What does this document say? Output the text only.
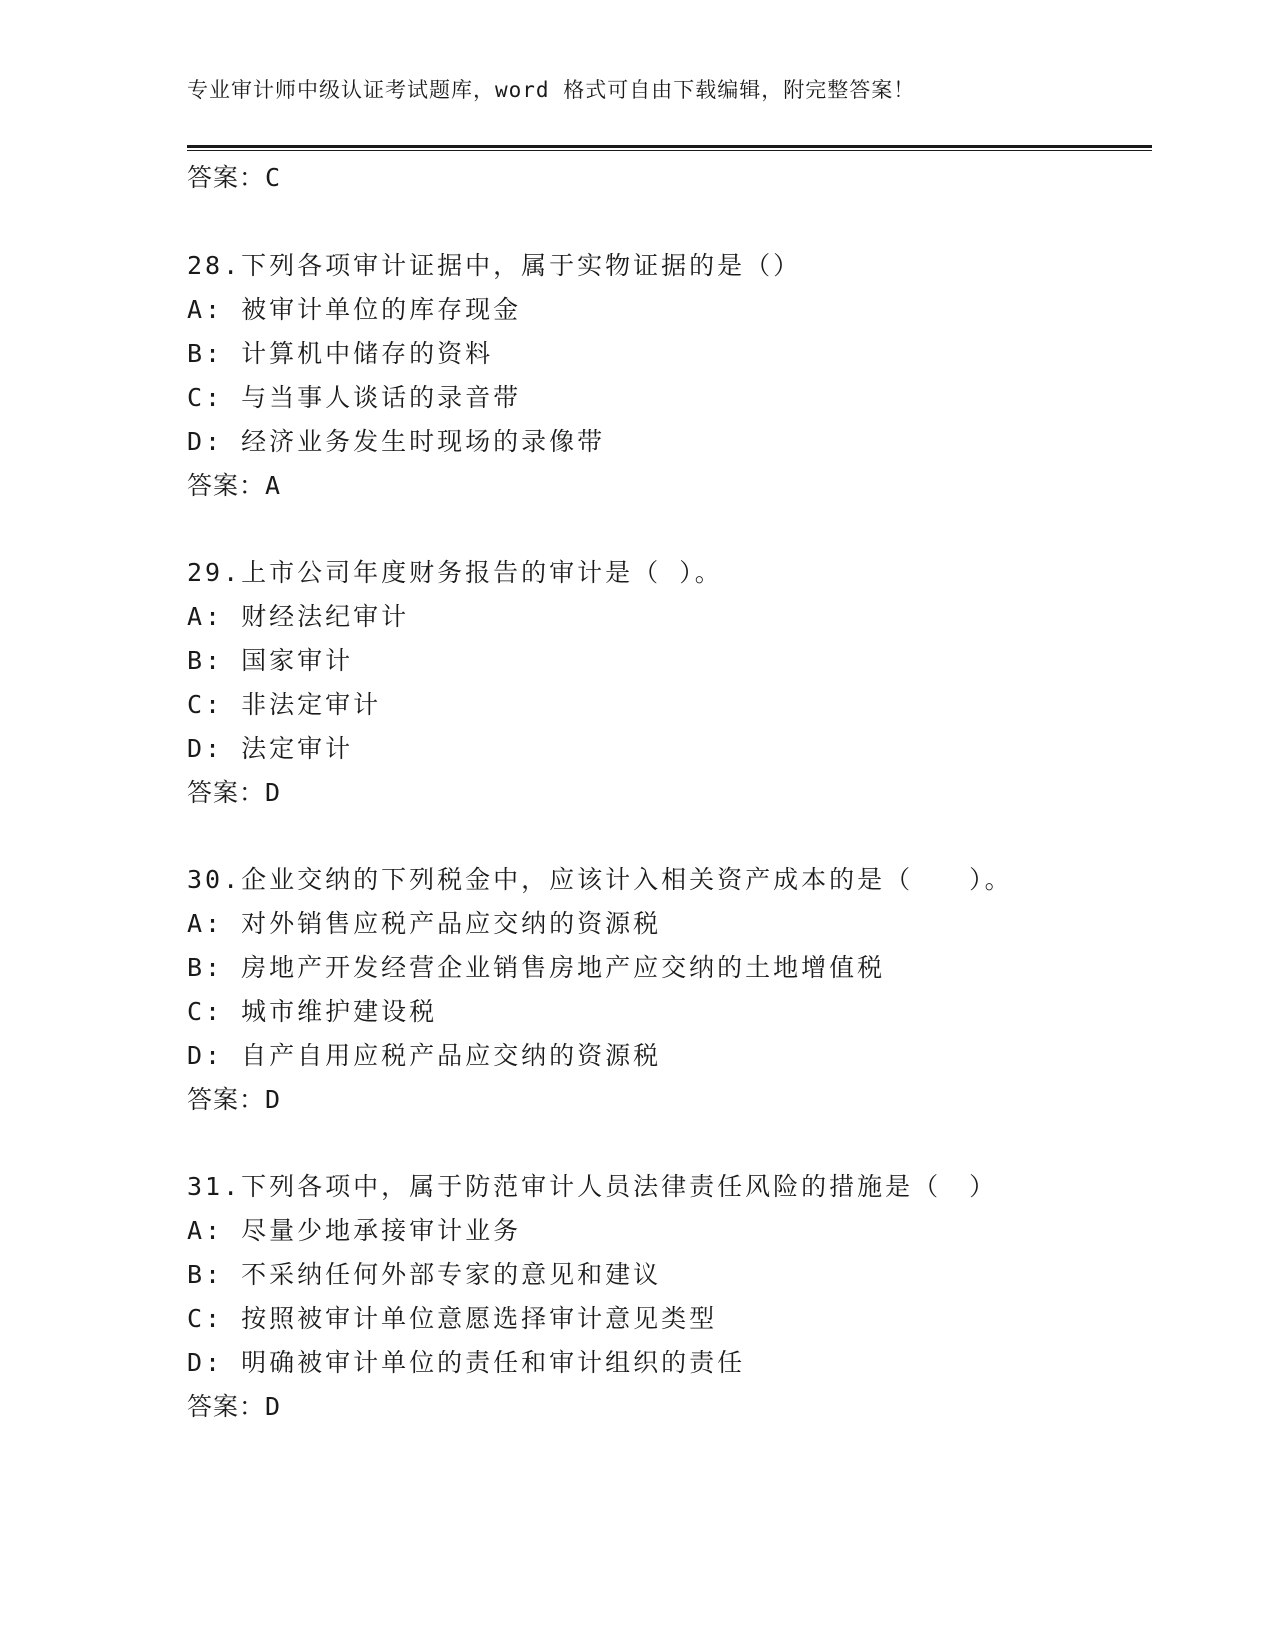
专业审计师中级认证考试题库，word 格式可自由下载编辑，附完整答案！
答案：C
28.下列各项审计证据中，属于实物证据的是（）
A: 被审计单位的库存现金
B: 计算机中储存的资料
C: 与当事人谈话的录音带
D: 经济业务发生时现场的录像带
答案：A
29.上市公司年度财务报告的审计是（ ）。
A: 财经法纪审计
B: 国家审计
C: 非法定审计
D: 法定审计
答案：D
30.企业交纳的下列税金中，应该计入相关资产成本的是（　　）。
A: 对外销售应税产品应交纳的资源税
B: 房地产开发经营企业销售房地产应交纳的土地增值税
C: 城市维护建设税
D: 自产自用应税产品应交纳的资源税
答案：D
31.下列各项中，属于防范审计人员法律责任风险的措施是（　）
A: 尽量少地承接审计业务
B: 不采纳任何外部专家的意见和建议
C: 按照被审计单位意愿选择审计意见类型
D: 明确被审计单位的责任和审计组织的责任
答案：D
